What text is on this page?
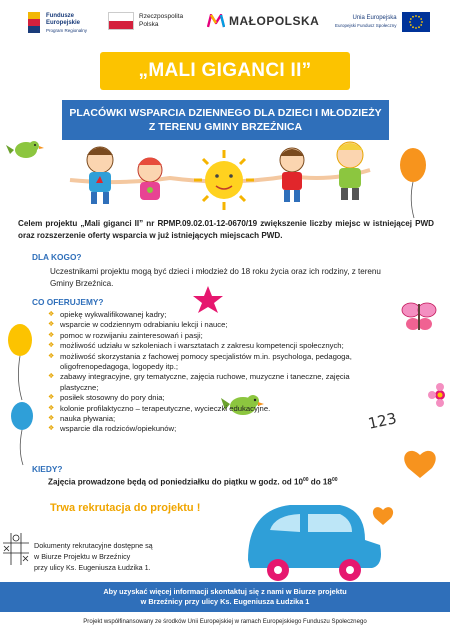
Fundusze
Europejskie
Program Regionalny
Rzeczpospolita
Polska	MAŁOPOLSKA	Unia Europejska
Europejski Fundusz Społeczny
„MALI GIGANCI II”
PLACÓWKI WSPARCIA DZIENNEGO DLA DZIECI I MŁODZIEŻY
Z TERENU GMINY BRZEŹNICA
123
Celem projektu „Mali giganci II” nr RPMP.09.02.01-12-0670/19 zwiększenie liczby miejsc w istniejącej PWD oraz rozszerzenie oferty wsparcia w już istniejących miejscach PWD.
DLA KOGO?
Uczestnikami projektu mogą być dzieci i młodzież do 18 roku życia oraz ich rodziny, z terenu Gminy Brzeźnica.
CO OFERUJEMY?
❖ opiekę wykwalifikowanej kadry;
❖ wsparcie w codziennym odrabianiu lekcji i nauce;
❖ pomoc w rozwijaniu zainteresowań i pasji;
❖ możliwość udziału w szkoleniach i warsztatach z zakresu kompetencji społecznych;
❖ możliwość skorzystania z fachowej pomocy specjalistów m.in. psychologa, pedagoga, oligofrenopedagoga, logopedy itp.;
❖ zabawy integracyjne, gry tematyczne, zajęcia ruchowe, muzyczne i taneczne, zajęcia plastyczne;
❖ posiłek stosowny do pory dnia;
❖ kolonie profilaktyczno – terapeutyczne, wycieczki edukacyjne.
❖ nauka pływania;
❖ wsparcie dla rodziców/opiekunów;
KIEDY?
Zajęcia prowadzone będą od poniedziałku do piątku w godz. od $10^{00}$ do $18^{00}$
Trwa rekrutacja do projektu !
Dokumenty rekrutacyjne dostępne są
w Biurze Projektu w Brzeźnicy
przy ulicy Ks. Eugeniusza Łudzika 1.
Aby uzyskać więcej informacji skontaktuj się z nami w Biurze projektu
w Brzeźnicy przy ulicy Ks. Eugeniusza Łudzika 1
Projekt współfinansowany ze środków Unii Europejskiej w ramach Europejskiego Funduszu Społecznego
